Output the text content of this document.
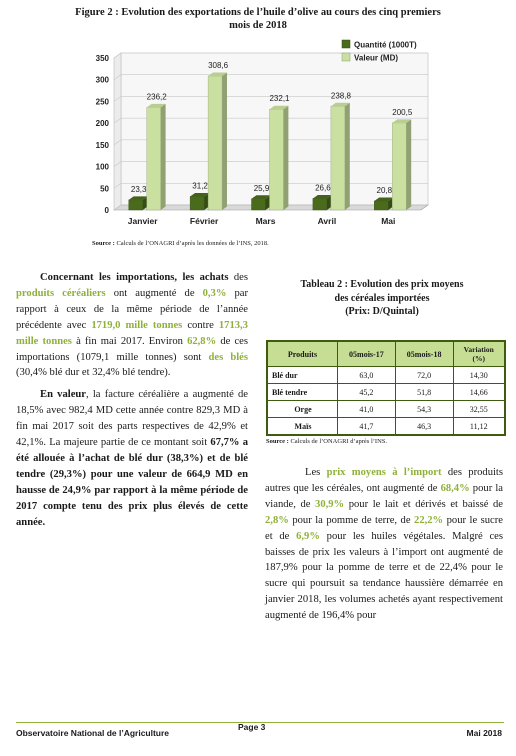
Figure 2 : Evolution des exportations de l’huile d’olive au cours des cinq premiers
mois de 2018
0
50
100
150
200
250
300
350
23,3
236,2
Janvier
31,2
308,6
Février
25,9
232,1
Mars
26,6
238,8
Avril
20,8
200,5
Mai
Quantité (1000T)
Valeur (MD)
Source : Calculs de l’ONAGRI d’après les données de l’INS, 2018.

Concernant les importations, les achats des produits céréaliers ont augmenté de 0,3% par rapport à ceux de la même période de l’année précédente avec 1719,0 mille tonnes contre 1713,3 mille tonnes à fin mai 2017. Environ 62,8% de ces importations (1079,1 mille tonnes) sont des blés (30,4% blé dur et 32,4% blé tendre).

En valeur, la facture céréalière a augmenté de 18,5% avec 982,4 MD cette année contre 829,3 MD à fin mai 2017 soit des parts respectives de 42,9% et 42,1%. La majeure partie de ce montant soit 67,7% a été allouée à l’achat de blé dur (38,3%) et de blé tendre (29,3%) pour une valeur de 664,9 MD en hausse de 24,9% par rapport à la même période de 2017 compte tenu des prix plus élevés de cette année.

Tableau 2 : Evolution des prix moyens
des céréales importées
(Prix: D/Quintal)
Produits	05mois-17	05mois-18	Variation
(%)
Blé dur	63,0	72,0	14,30
Blé tendre	45,2	51,8	14,66
Orge	41,0	54,3	32,55
Maïs	41,7	46,3	11,12
Source : Calculs de l’ONAGRI d’après l’INS.

Les prix moyens à l’import des produits autres que les céréales, ont augmenté de 68,4% pour la viande, de 30,9% pour le lait et dérivés et baissé de 2,8% pour la pomme de terre, de 22,2% pour le sucre et de 6,9% pour les huiles végétales. Malgré ces baisses de prix les valeurs à l’import ont augmenté de 187,9% pour la pomme de terre et de 22,4% pour le sucre qui poursuit sa tendance haussière démarrée en janvier 2018, les volumes achetés ayant respectivement augmenté de 196,4% pour

Observatoire National de l’Agriculture
Page 3
Mai 2018
